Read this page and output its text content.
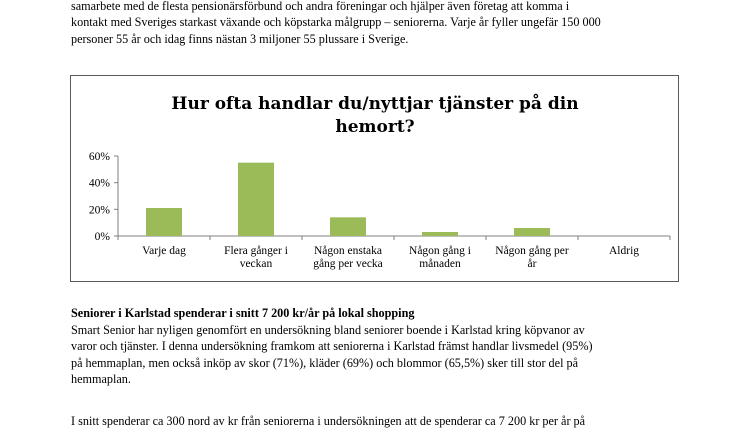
samarbete med de flesta pensionärsförbund och andra föreningar och hjälper även företag att komma i
kontakt med Sveriges starkast växande och köpstarka målgrupp – seniorerna. Varje år fyller ungefär 150 000
personer 55 år och idag finns nästan 3 miljoner 55 plussare i Sverige.
Hur ofta handlar du/nyttjar tjänster på din
hemort?
0%
20%
40%
60%
Varje dag	Flera gånger i
veckan
Någon enstaka
gång per vecka
Någon gång i
månaden
Någon gång per
år
Aldrig

Seniorer i Karlstad spenderar i snitt 7 200 kr/år på lokal shopping

Smart Senior har nyligen genomfört en undersökning bland seniorer boende i Karlstad kring köpvanor av
varor och tjänster. I denna undersökning framkom att seniorerna i Karlstad främst handlar livsmedel (95%)
på hemmaplan, men också inköp av skor (71%), kläder (69%) och blommor (65,5%) sker till stor del på
hemmaplan.

I snitt spenderar ca 300 nord av kr från seniorerna i undersökningen att de spenderar ca 7 200 kr per år på
